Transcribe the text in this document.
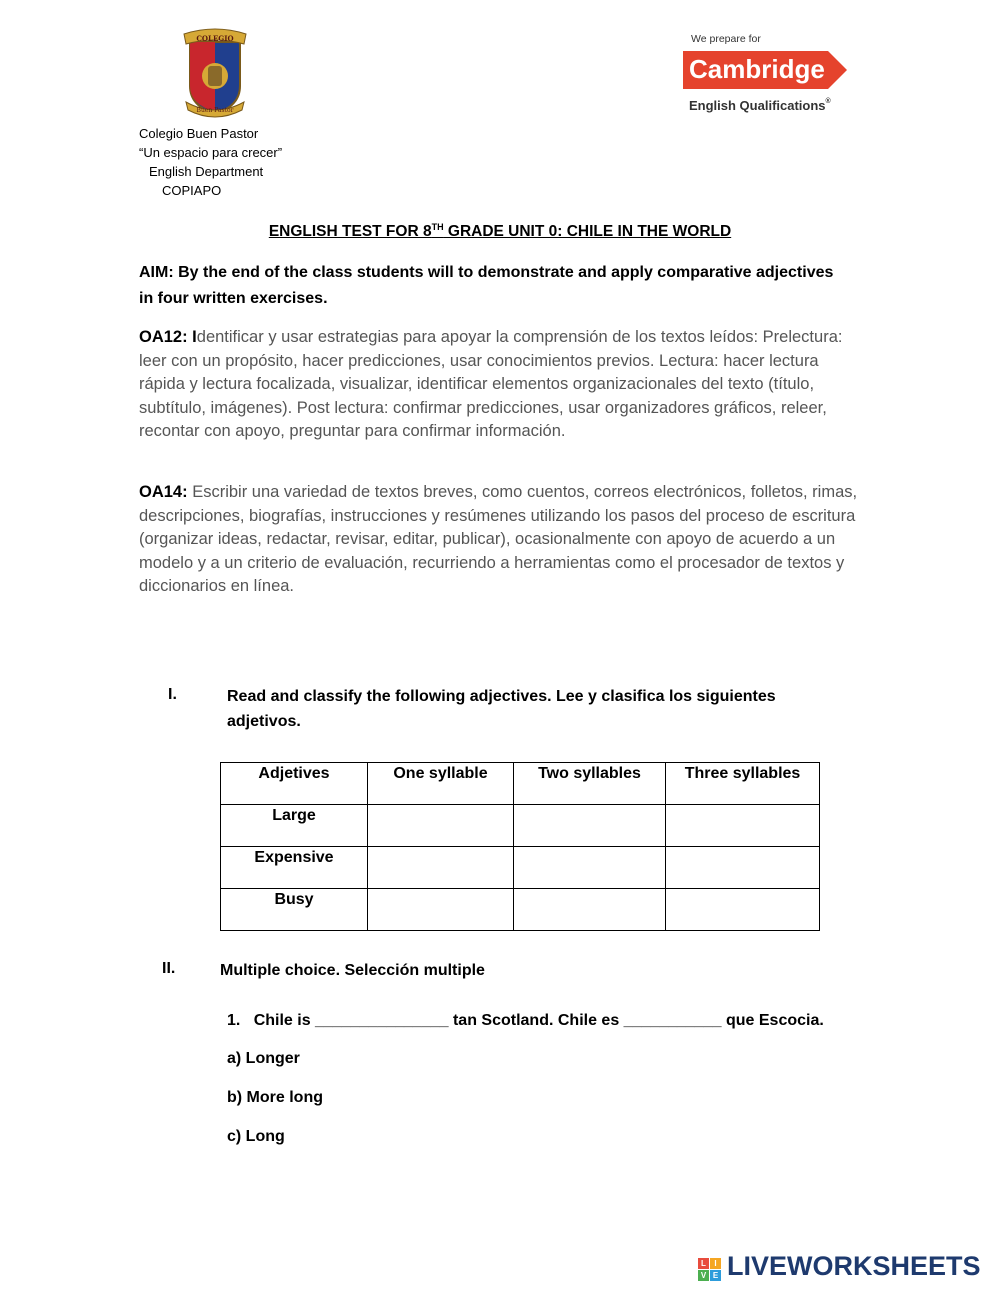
COLEGIO
Buen Pastor
Colegio Buen Pastor
“Un espacio para crecer”
English Department
COPIAPO
We prepare for
Cambridge
English Qualifications®
ENGLISH TEST FOR 8TH GRADE UNIT 0: CHILE IN THE WORLD
AIM: By the end of the class students will to demonstrate and apply comparative adjectives in four written exercises.
OA12: Identificar y usar estrategias para apoyar la comprensión de los textos leídos: Prelectura: leer con un propósito, hacer predicciones, usar conocimientos previos. Lectura: hacer lectura rápida y lectura focalizada, visualizar, identificar elementos organizacionales del texto (título, subtítulo, imágenes). Post lectura: confirmar predicciones, usar organizadores gráficos, releer, recontar con apoyo, preguntar para confirmar información.
OA14: Escribir una variedad de textos breves, como cuentos, correos electrónicos, folletos, rimas, descripciones, biografías, instrucciones y resúmenes utilizando los pasos del proceso de escritura (organizar ideas, redactar, revisar, editar, publicar), ocasionalmente con apoyo de acuerdo a un modelo y a un criterio de evaluación, recurriendo a herramientas como el procesador de textos y diccionarios en línea.
I.	Read and classify the following adjectives. Lee y clasifica los siguientes adjetivos.
Adjetives	One syllable	Two syllables	Three syllables
Large			
Expensive			
Busy			
II.	Multiple choice. Selección multiple
1. Chile is _______________ tan Scotland. Chile es ___________ que Escocia.
a) Longer
b) More long
c) Long
L	I
V E LIVEWORKSHEETS
